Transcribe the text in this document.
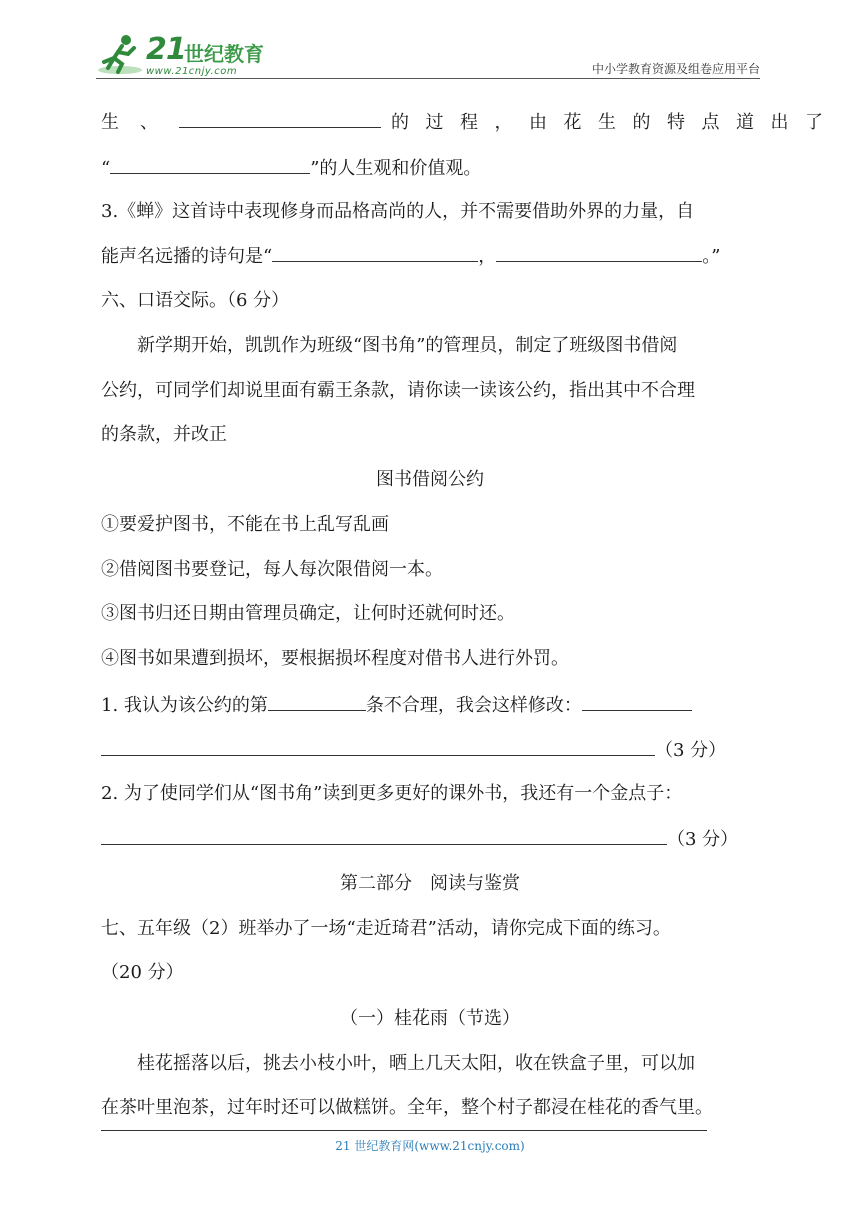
21
世纪教育
www.21cnjy.com	中小学教育资源及组卷应用平台
生、	的过程，由花生的特点道出了
“	”的人生观和价值观。
3.《蝉》这首诗中表现修身而品格高尚的人，并不需要借助外界的力量，自
能声名远播的诗句是“	，	。”
六、口语交际。（6 分）
新学期开始，凯凯作为班级“图书角”的管理员，制定了班级图书借阅
公约，可同学们却说里面有霸王条款，请你读一读该公约，指出其中不合理
的条款，并改正
图书借阅公约
①要爱护图书，不能在书上乱写乱画
②借阅图书要登记，每人每次限借阅一本。
③图书归还日期由管理员确定，让何时还就何时还。
④图书如果遭到损坏，要根据损坏程度对借书人进行外罚。
1. 我认为该公约的第	条不合理，我会这样修改：
（3 分）
2. 为了使同学们从“图书角”读到更多更好的课外书，我还有一个金点子：
（3 分）
第二部分　阅读与鉴赏
七、五年级（2）班举办了一场“走近琦君”活动，请你完成下面的练习。
（20 分）
（一）桂花雨（节选）
桂花摇落以后，挑去小枝小叶，晒上几天太阳，收在铁盒子里，可以加
在茶叶里泡茶，过年时还可以做糕饼。全年，整个村子都浸在桂花的香气里。
21 世纪教育网(www.21cnjy.com)
